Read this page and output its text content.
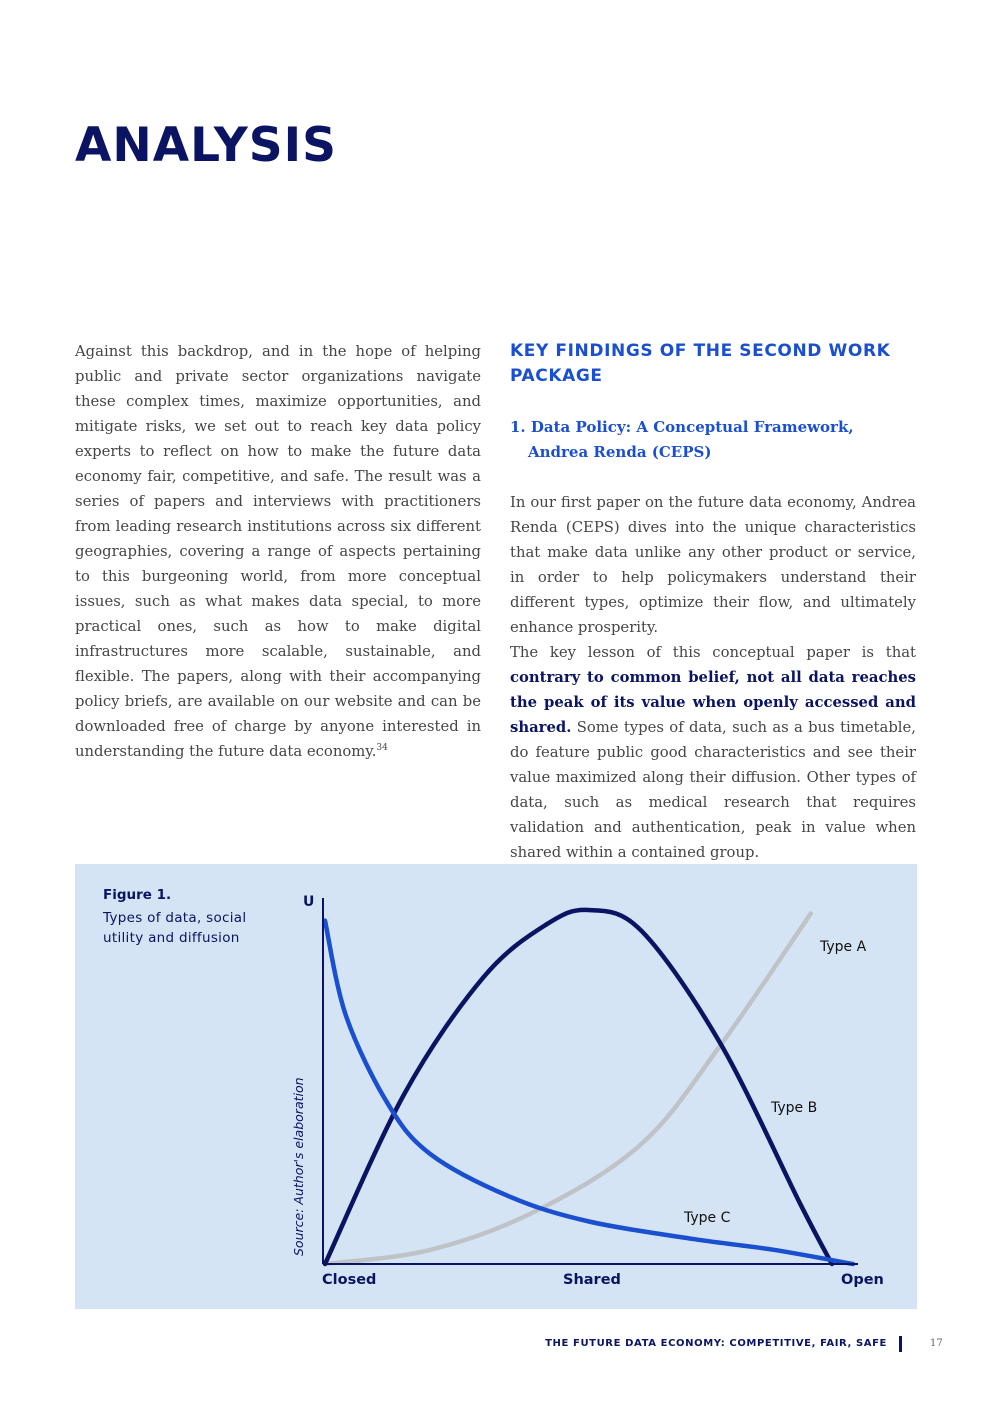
ANALYSIS

Against this backdrop, and in the hope of helping public and private sector organizations navigate these complex times, maximize opportunities, and mitigate risks, we set out to reach key data policy experts to reflect on how to make the future data economy fair, competitive, and safe. The result was a series of papers and interviews with practitioners from leading research institutions across six different geographies, covering a range of aspects pertaining to this burgeoning world, from more conceptual issues, such as what makes data special, to more practical ones, such as how to make digital infrastructures more scalable, sustainable, and flexible. The papers, along with their accompanying policy briefs, are available on our website and can be downloaded free of charge by anyone interested in understanding the future data economy.$^{34}$

KEY FINDINGS OF THE SECOND WORK PACKAGE

1. Data Policy: A Conceptual Framework,
Andrea Renda (CEPS)

In our first paper on the future data economy, Andrea Renda (CEPS) dives into the unique characteristics that make data unlike any other product or service, in order to help policymakers understand their different types, optimize their flow, and ultimately enhance prosperity.

The key lesson of this conceptual paper is that contrary to common belief, not all data reaches the peak of its value when openly accessed and shared. Some types of data, such as a bus timetable, do feature public good characteristics and see their value maximized along their diffusion. Other types of data, such as medical research that requires validation and authentication, peak in value when shared within a contained group.

Figure 1.
Types of data, social utility and diffusion
Source: Author's elaboration
U
Closed	Shared	Open
Type A
Type B
Type C
THE FUTURE DATA ECONOMY: COMPETITIVE, FAIR, SAFE	17
